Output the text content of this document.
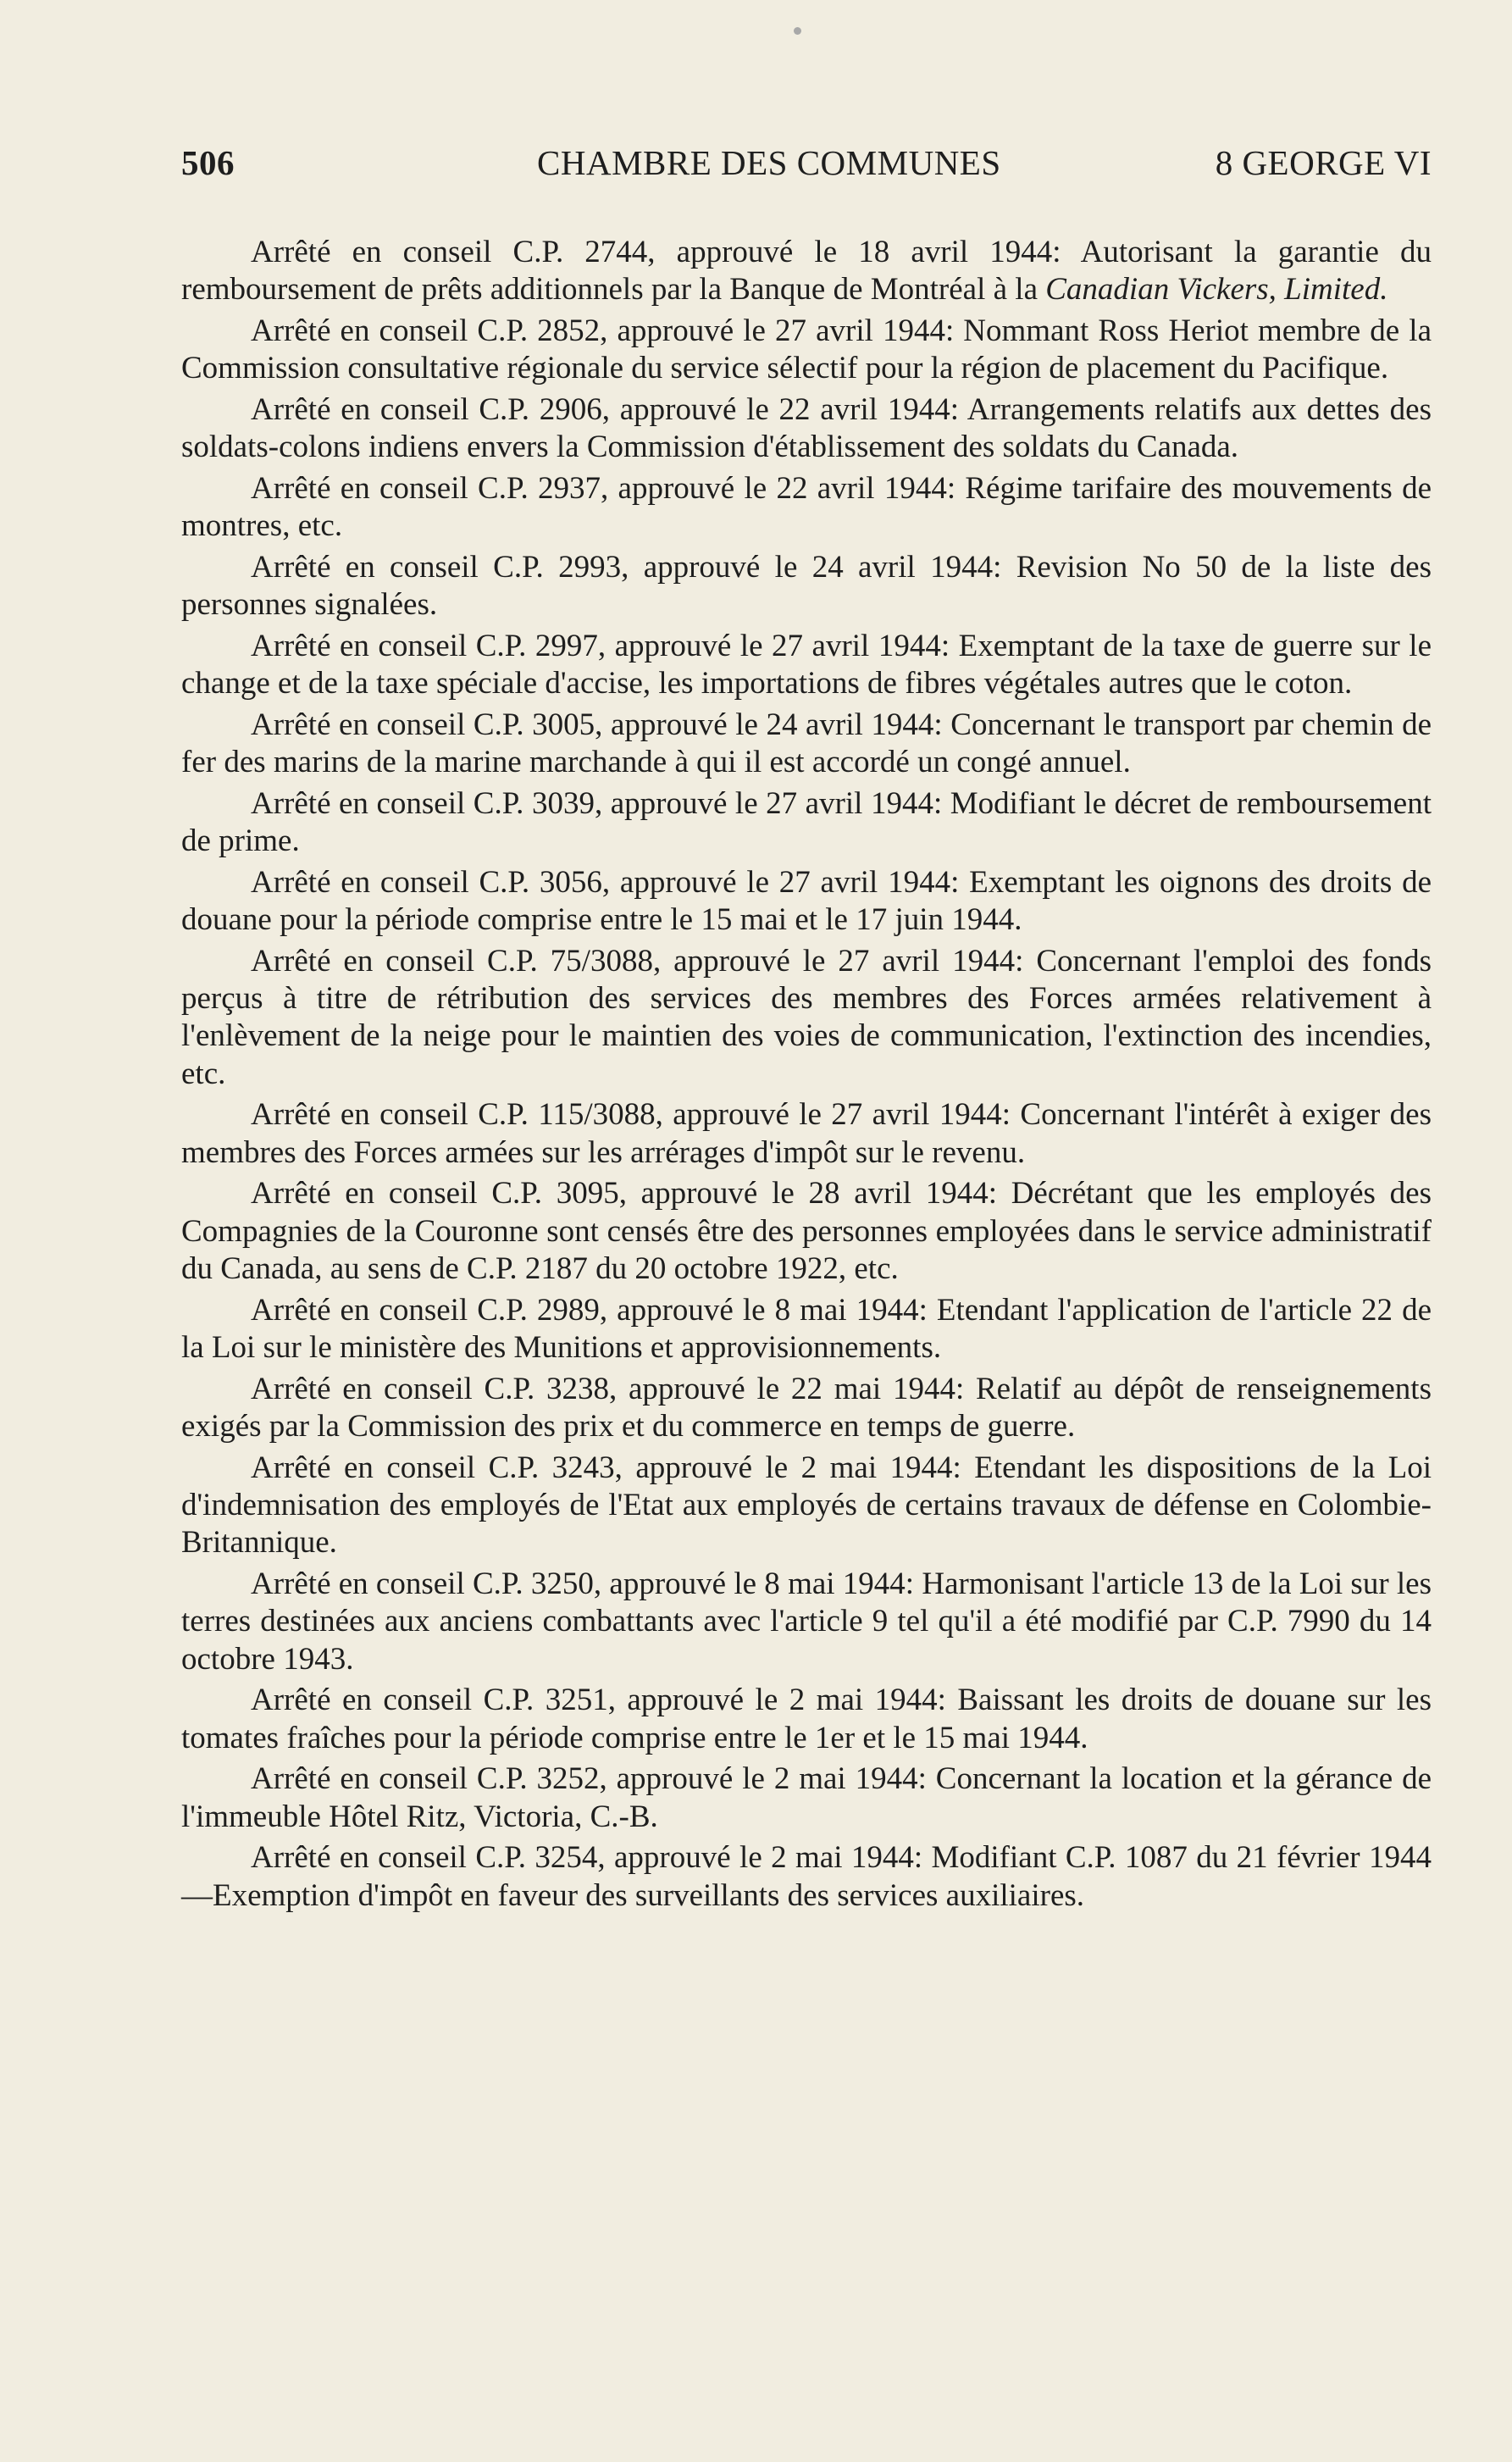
506	CHAMBRE DES COMMUNES	8 GEORGE VI

Arrêté en conseil C.P. 2744, approuvé le 18 avril 1944: Autorisant la garantie du remboursement de prêts additionnels par la Banque de Montréal à la Canadian Vickers, Limited.

Arrêté en conseil C.P. 2852, approuvé le 27 avril 1944: Nommant Ross Heriot membre de la Commission consultative régionale du service sélectif pour la région de placement du Pacifique.

Arrêté en conseil C.P. 2906, approuvé le 22 avril 1944: Arrangements relatifs aux dettes des soldats-colons indiens envers la Commission d'établissement des soldats du Canada.

Arrêté en conseil C.P. 2937, approuvé le 22 avril 1944: Régime tarifaire des mouvements de montres, etc.

Arrêté en conseil C.P. 2993, approuvé le 24 avril 1944: Revision No 50 de la liste des personnes signalées.

Arrêté en conseil C.P. 2997, approuvé le 27 avril 1944: Exemptant de la taxe de guerre sur le change et de la taxe spéciale d'accise, les importations de fibres végétales autres que le coton.

Arrêté en conseil C.P. 3005, approuvé le 24 avril 1944: Concernant le transport par chemin de fer des marins de la marine marchande à qui il est accordé un congé annuel.

Arrêté en conseil C.P. 3039, approuvé le 27 avril 1944: Modifiant le décret de remboursement de prime.

Arrêté en conseil C.P. 3056, approuvé le 27 avril 1944: Exemptant les oignons des droits de douane pour la période comprise entre le 15 mai et le 17 juin 1944.

Arrêté en conseil C.P. 75/3088, approuvé le 27 avril 1944: Concernant l'emploi des fonds perçus à titre de rétribution des services des membres des Forces armées relativement à l'enlèvement de la neige pour le maintien des voies de communication, l'extinction des incendies, etc.

Arrêté en conseil C.P. 115/3088, approuvé le 27 avril 1944: Concernant l'intérêt à exiger des membres des Forces armées sur les arrérages d'impôt sur le revenu.

Arrêté en conseil C.P. 3095, approuvé le 28 avril 1944: Décrétant que les employés des Compagnies de la Couronne sont censés être des personnes employées dans le service administratif du Canada, au sens de C.P. 2187 du 20 octobre 1922, etc.

Arrêté en conseil C.P. 2989, approuvé le 8 mai 1944: Etendant l'application de l'article 22 de la Loi sur le ministère des Munitions et approvisionnements.

Arrêté en conseil C.P. 3238, approuvé le 22 mai 1944: Relatif au dépôt de renseignements exigés par la Commission des prix et du commerce en temps de guerre.

Arrêté en conseil C.P. 3243, approuvé le 2 mai 1944: Etendant les dispositions de la Loi d'indemnisation des employés de l'Etat aux employés de certains travaux de défense en Colombie-Britannique.

Arrêté en conseil C.P. 3250, approuvé le 8 mai 1944: Harmonisant l'article 13 de la Loi sur les terres destinées aux anciens combattants avec l'article 9 tel qu'il a été modifié par C.P. 7990 du 14 octobre 1943.

Arrêté en conseil C.P. 3251, approuvé le 2 mai 1944: Baissant les droits de douane sur les tomates fraîches pour la période comprise entre le 1er et le 15 mai 1944.

Arrêté en conseil C.P. 3252, approuvé le 2 mai 1944: Concernant la location et la gérance de l'immeuble Hôtel Ritz, Victoria, C.-B.

Arrêté en conseil C.P. 3254, approuvé le 2 mai 1944: Modifiant C.P. 1087 du 21 février 1944—Exemption d'impôt en faveur des surveillants des services auxiliaires.
